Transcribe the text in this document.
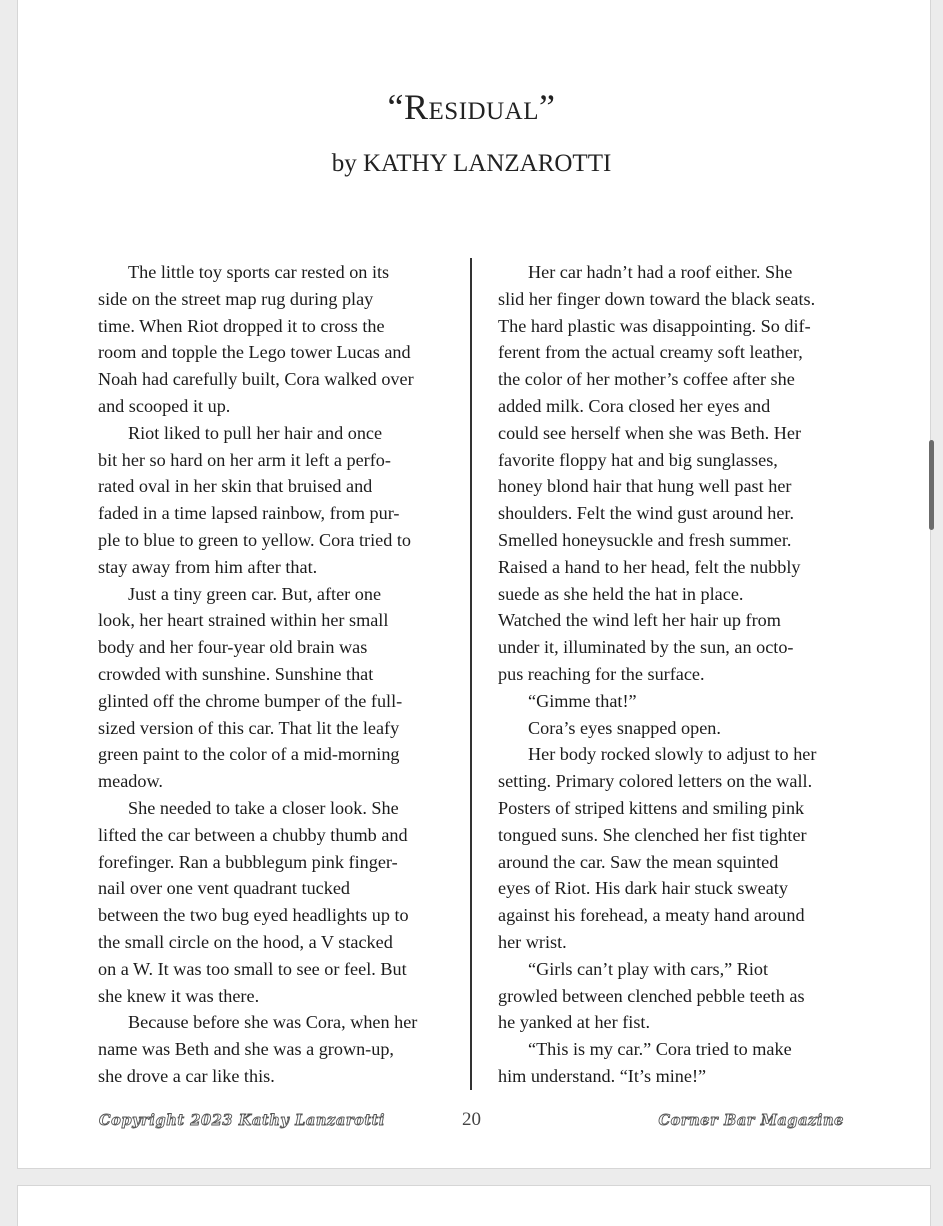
“Residual”
by KATHY LANZAROTTI

The little toy sports car rested on its
side on the street map rug during play
time. When Riot dropped it to cross the
room and topple the Lego tower Lucas and
Noah had carefully built, Cora walked over
and scooped it up.

Riot liked to pull her hair and once
bit her so hard on her arm it left a perfo-
rated oval in her skin that bruised and
faded in a time lapsed rainbow, from pur-
ple to blue to green to yellow. Cora tried to
stay away from him after that.

Just a tiny green car. But, after one
look, her heart strained within her small
body and her four-year old brain was
crowded with sunshine. Sunshine that
glinted off the chrome bumper of the full-
sized version of this car. That lit the leafy
green paint to the color of a mid-morning
meadow.

She needed to take a closer look. She
lifted the car between a chubby thumb and
forefinger. Ran a bubblegum pink finger-
nail over one vent quadrant tucked
between the two bug eyed headlights up to
the small circle on the hood, a V stacked
on a W. It was too small to see or feel. But
she knew it was there.

Because before she was Cora, when her
name was Beth and she was a grown-up,
she drove a car like this.

Her car hadn’t had a roof either. She
slid her finger down toward the black seats.
The hard plastic was disappointing. So dif-
ferent from the actual creamy soft leather,
the color of her mother’s coffee after she
added milk. Cora closed her eyes and
could see herself when she was Beth. Her
favorite floppy hat and big sunglasses,
honey blond hair that hung well past her
shoulders. Felt the wind gust around her.
Smelled honeysuckle and fresh summer.
Raised a hand to her head, felt the nubbly
suede as she held the hat in place.
Watched the wind left her hair up from
under it, illuminated by the sun, an octo-
pus reaching for the surface.

“Gimme that!”

Cora’s eyes snapped open.

Her body rocked slowly to adjust to her
setting. Primary colored letters on the wall.
Posters of striped kittens and smiling pink
tongued suns. She clenched her fist tighter
around the car. Saw the mean squinted
eyes of Riot. His dark hair stuck sweaty
against his forehead, a meaty hand around
her wrist.

“Girls can’t play with cars,” Riot
growled between clenched pebble teeth as
he yanked at her fist.

“This is my car.” Cora tried to make
him understand. “It’s mine!”

Copyright 2023 Kathy Lanzarotti	20	Corner Bar Magazine
